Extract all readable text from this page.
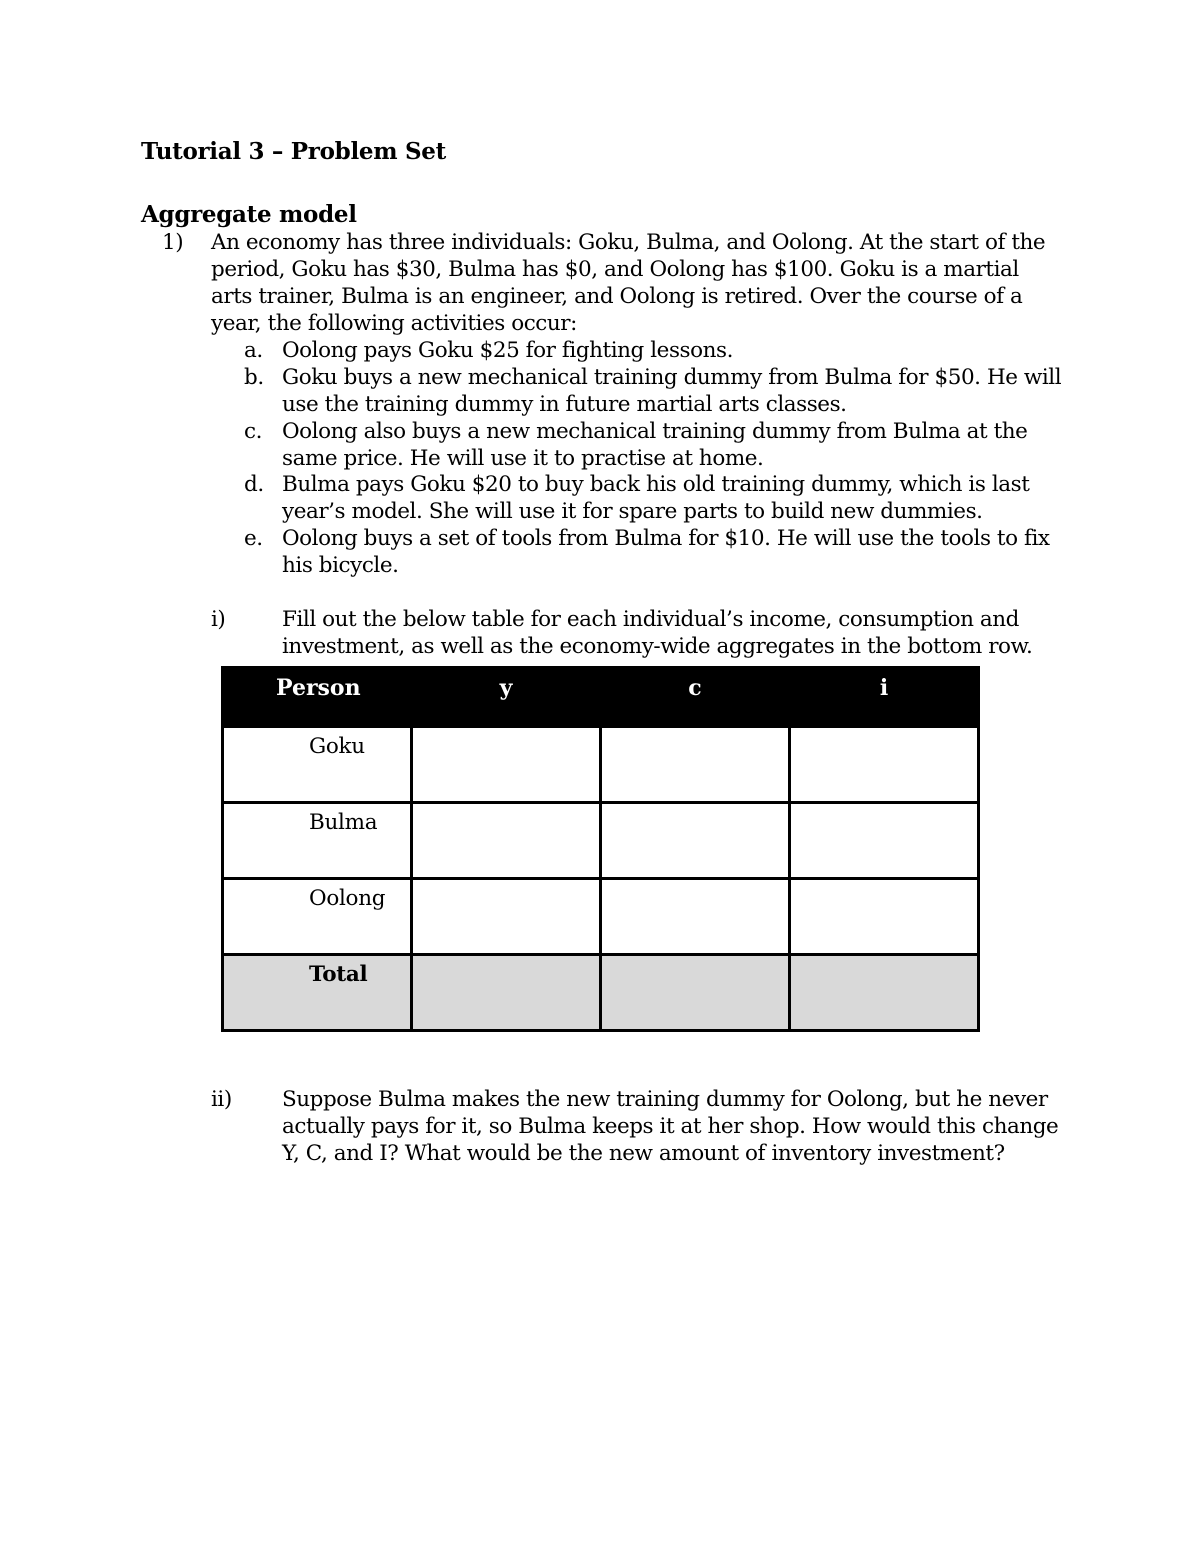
Tutorial 3 – Problem Set
Aggregate model
1) An economy has three individuals: Goku, Bulma, and Oolong. At the start of the
period, Goku has $30, Bulma has $0, and Oolong has $100. Goku is a martial
arts trainer, Bulma is an engineer, and Oolong is retired. Over the course of a
year, the following activities occur:
a. Oolong pays Goku $25 for fighting lessons.
b. Goku buys a new mechanical training dummy from Bulma for $50. He will
use the training dummy in future martial arts classes.
c. Oolong also buys a new mechanical training dummy from Bulma at the
same price. He will use it to practise at home.
d. Bulma pays Goku $20 to buy back his old training dummy, which is last
year’s model. She will use it for spare parts to build new dummies.
e. Oolong buys a set of tools from Bulma for $10. He will use the tools to fix
his bicycle.
i)	Fill out the below table for each individual’s income, consumption and
investment, as well as the economy-wide aggregates in the bottom row.
Person	y	c	i
Goku			
Bulma			
Oolong			
Total			
ii) Suppose Bulma makes the new training dummy for Oolong, but he never
actually pays for it, so Bulma keeps it at her shop. How would this change
Y, C, and I? What would be the new amount of inventory investment?
